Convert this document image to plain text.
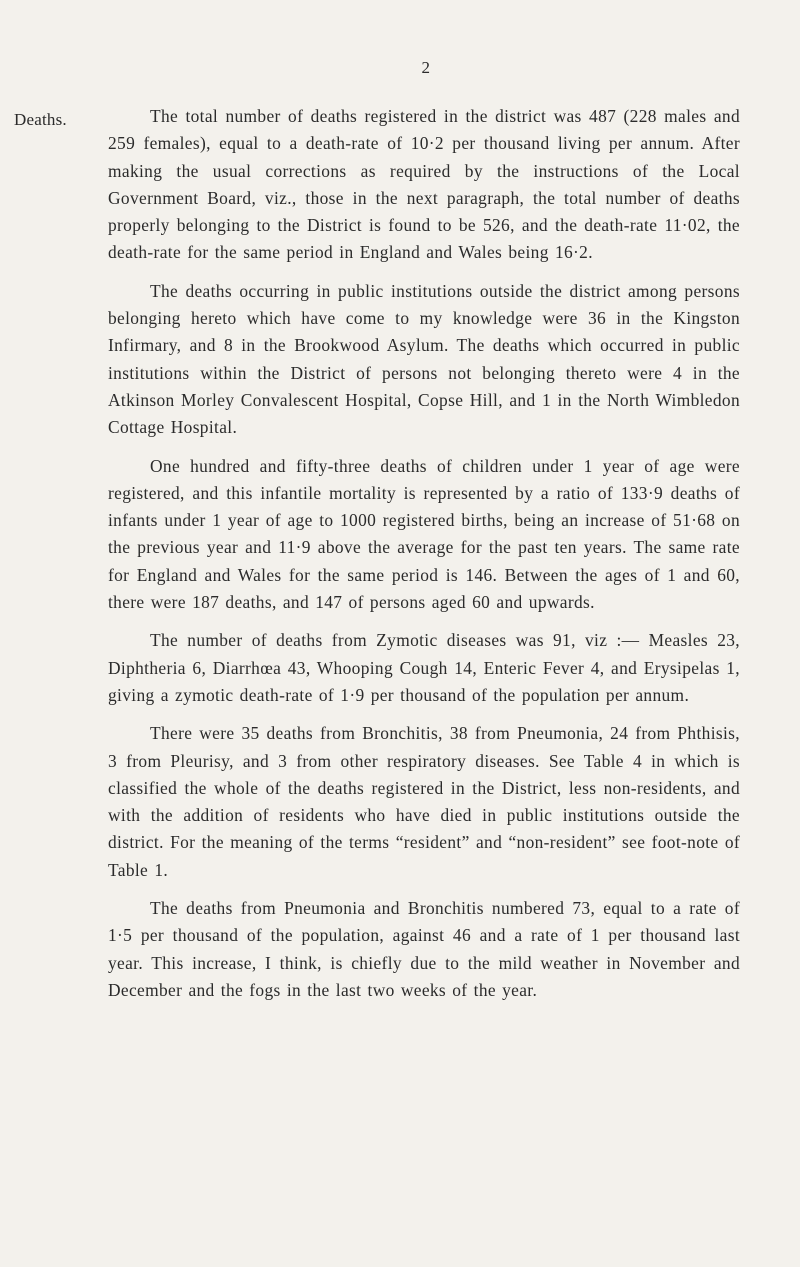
2
Deaths.	The total number of deaths registered in the district was 487 (228 males and 259 females), equal to a death-rate of 10·2 per thousand living per annum. After making the usual corrections as required by the instructions of the Local Government Board, viz., those in the next paragraph, the total number of deaths properly belonging to the District is found to be 526, and the death-rate 11·02, the death-rate for the same period in England and Wales being 16·2.

The deaths occurring in public institutions outside the district among persons belonging hereto which have come to my knowledge were 36 in the Kingston Infirmary, and 8 in the Brookwood Asylum. The deaths which occurred in public institutions within the District of persons not belonging thereto were 4 in the Atkinson Morley Convalescent Hospital, Copse Hill, and 1 in the North Wimbledon Cottage Hospital.

One hundred and fifty-three deaths of children under 1 year of age were registered, and this infantile mortality is represented by a ratio of 133·9 deaths of infants under 1 year of age to 1000 registered births, being an increase of 51·68 on the previous year and 11·9 above the average for the past ten years. The same rate for England and Wales for the same period is 146. Between the ages of 1 and 60, there were 187 deaths, and 147 of persons aged 60 and upwards.

The number of deaths from Zymotic diseases was 91, viz :— Measles 23, Diphtheria 6, Diarrhœa 43, Whooping Cough 14, Enteric Fever 4, and Erysipelas 1, giving a zymotic death-rate of 1·9 per thousand of the population per annum.

There were 35 deaths from Bronchitis, 38 from Pneumonia, 24 from Phthisis, 3 from Pleurisy, and 3 from other respiratory diseases. See Table 4 in which is classified the whole of the deaths registered in the District, less non-residents, and with the addition of residents who have died in public institutions outside the district. For the meaning of the terms “resident” and “non-resident” see foot-note of Table 1.

The deaths from Pneumonia and Bronchitis numbered 73, equal to a rate of 1·5 per thousand of the population, against 46 and a rate of 1 per thousand last year. This increase, I think, is chiefly due to the mild weather in November and December and the fogs in the last two weeks of the year.
